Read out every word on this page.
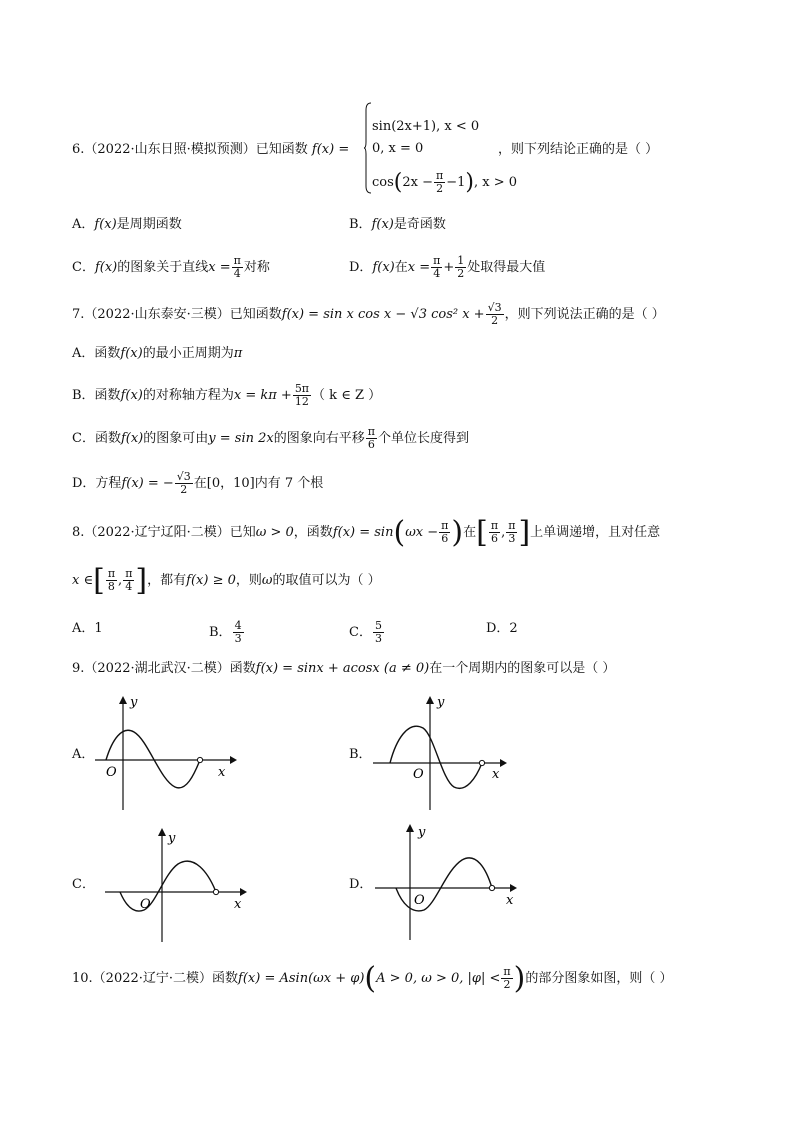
6.（2022·山东日照·模拟预测）已知函数 f(x) =
sin(2x+1), x < 0
0, x = 0
$\cos(2x - \frac{\pi}{2} -1)$, x > 0
，则下列结论正确的是（ ）
A．f(x)是周期函数	B．f(x)是奇函数
C．f(x)的图象关于直线$x = \frac{\pi}{4}$ 对称	D．f(x)在$x = \frac{\pi}{4} + \frac{1}{2}$ 处取得最大值
7.（2022·山东泰安·三模）已知函数f(x) = sin x cos x − √3 cos² $x + \frac{√3}{2}$ ，则下列说法正确的是（ ）
A．函数f(x)的最小正周期为π
B．函数f(x)的对称轴方程为$x = k\pi + \frac{5\pi}{12}$ （ k ∈ Z ）
C．函数f(x)的图象可由y = sin 2x的图象向右平移 $\frac{\pi}{6}$ 个单位长度得到
D．方程f(x) = − $\frac{√3}{2}$ 在[0，10]内有 7 个根
8.（2022·辽宁辽阳·二模）已知ω > 0，函数$f(x) = \sin(\omega x - \frac{\pi}{6}$ )在[ $\frac{\pi}{6}$ , $\frac{\pi}{3}$ ]上单调递增，且对任意
x ∈[ $\frac{\pi}{8}$ , $\frac{\pi}{4}$ ]，都有f(x) ≥ 0，则ω的取值可以为（ ）
A．1	B． $\frac{4}{3}$	C． $\frac{5}{3}$	D．2
9.（2022·湖北武汉·二模）函数f(x) = sinx + acosx (a ≠ 0)在一个周期内的图象可以是（ ）
A．
y
x
O
B．
y
x
O
C．
y
x
O
D．
y
x
O
10.（2022·辽宁·二模）函数f(x) = Asin(ωx + φ)(A > 0, ω > 0, $|\varphi| < \frac{\pi}{2}$ )的部分图象如图，则（ ）
